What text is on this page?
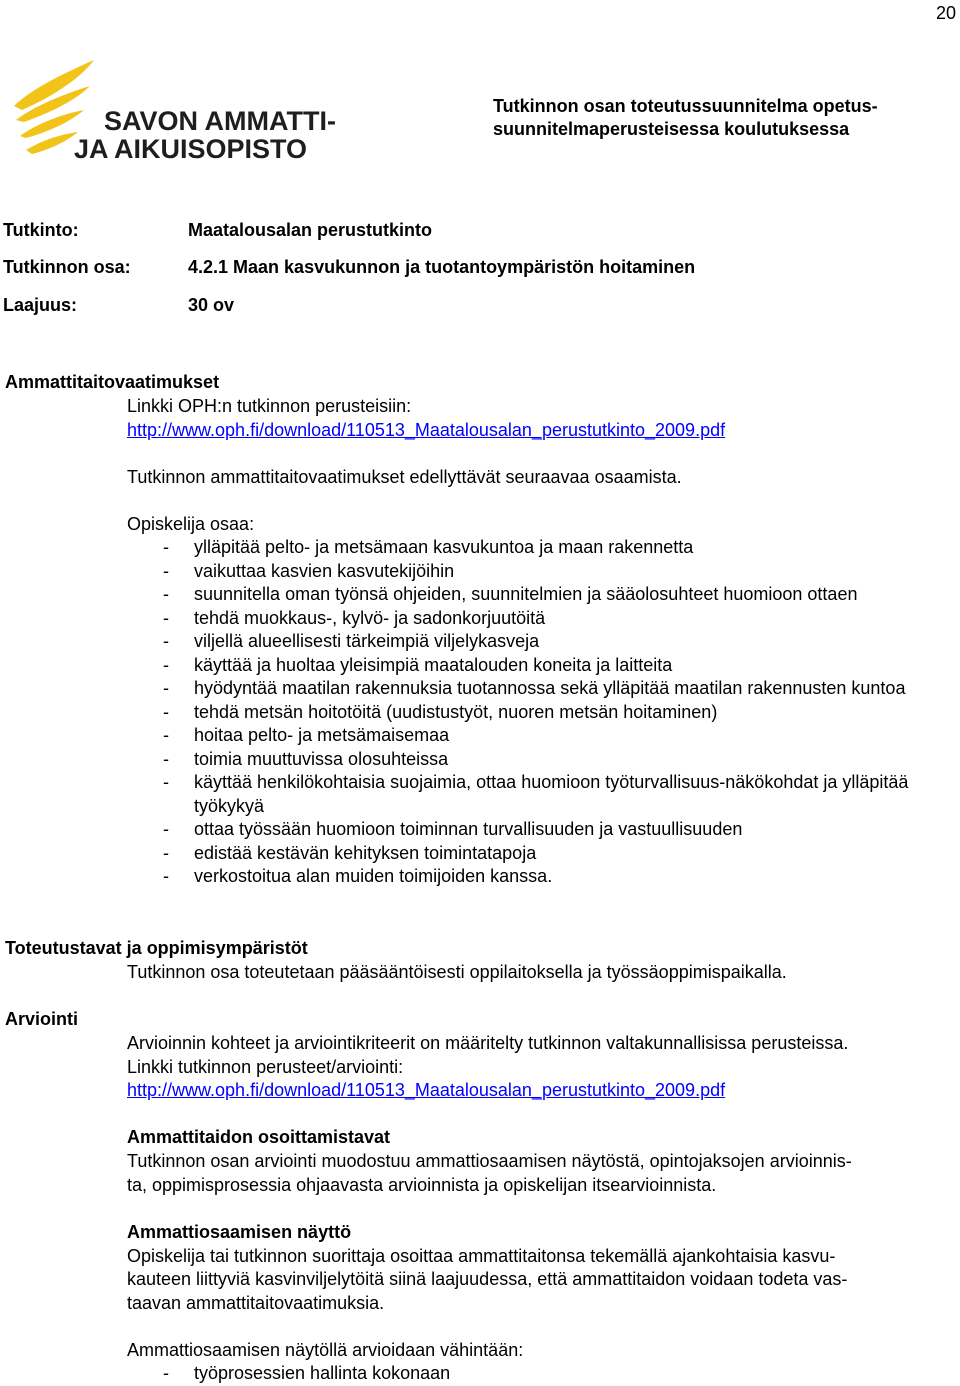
20
SAVON AMMATTI-
JA AIKUISOPISTO
Tutkinnon osan toteutussuunnitelma opetus-
suunnitelmaperusteisessa koulutuksessa
Tutkinto:	Maatalousalan perustutkinto
Tutkinnon osa:	4.2.1 Maan kasvukunnon ja tuotantoympäristön hoitaminen
Laajuus:	30 ov
Ammattitaitovaatimukset
Linkki OPH:n tutkinnon perusteisiin:
http://www.oph.fi/download/110513_Maatalousalan_perustutkinto_2009.pdf
Tutkinnon ammattitaitovaatimukset edellyttävät seuraavaa osaamista.
Opiskelija osaa:
- ylläpitää pelto- ja metsämaan kasvukuntoa ja maan rakennetta
- vaikuttaa kasvien kasvutekijöihin
- suunnitella oman työnsä ohjeiden, suunnitelmien ja sääolosuhteet huomioon ottaen
- tehdä muokkaus-, kylvö- ja sadonkorjuutöitä
- viljellä alueellisesti tärkeimpiä viljelykasveja
- käyttää ja huoltaa yleisimpiä maatalouden koneita ja laitteita
- hyödyntää maatilan rakennuksia tuotannossa sekä ylläpitää maatilan rakennusten kuntoa
- tehdä metsän hoitotöitä (uudistustyöt, nuoren metsän hoitaminen)
- hoitaa pelto- ja metsämaisemaa
- toimia muuttuvissa olosuhteissa
- käyttää henkilökohtaisia suojaimia, ottaa huomioon työturvallisuus-näkökohdat ja ylläpitää työkykyä
- ottaa työssään huomioon toiminnan turvallisuuden ja vastuullisuuden
- edistää kestävän kehityksen toimintatapoja
- verkostoitua alan muiden toimijoiden kanssa.
Toteutustavat ja oppimisympäristöt
Tutkinnon osa toteutetaan pääsääntöisesti oppilaitoksella ja työssäoppimispaikalla.
Arviointi
Arvioinnin kohteet ja arviointikriteerit on määritelty tutkinnon valtakunnallisissa perusteissa.
Linkki tutkinnon perusteet/arviointi:
http://www.oph.fi/download/110513_Maatalousalan_perustutkinto_2009.pdf
Ammattitaidon osoittamistavat
Tutkinnon osan arviointi muodostuu ammattiosaamisen näytöstä, opintojaksojen arvioinnis-
ta, oppimisprosessia ohjaavasta arvioinnista ja opiskelijan itsearvioinnista.
Ammattiosaamisen näyttö
Opiskelija tai tutkinnon suorittaja osoittaa ammattitaitonsa tekemällä ajankohtaisia kasvu-
kauteen liittyviä kasvinviljelytöitä siinä laajuudessa, että ammattitaidon voidaan todeta vas-
taavan ammattitaitovaatimuksia.
Ammattiosaamisen näytöllä arvioidaan vähintään:
- työprosessien hallinta kokonaan
